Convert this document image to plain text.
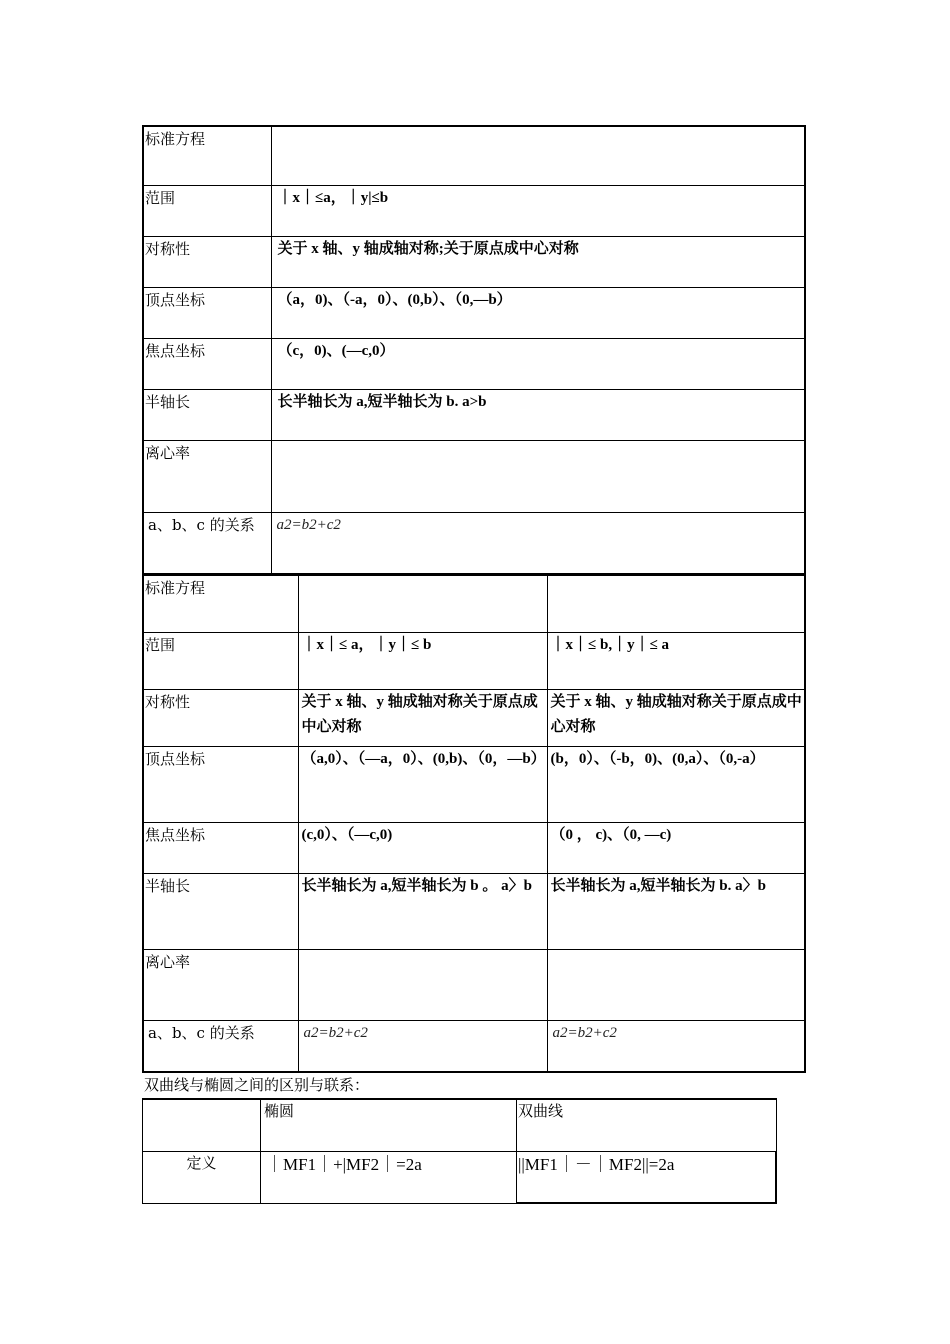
标准方程	
范围	｜x｜≤a，｜y|≤b
对称性	关于 x 轴、y 轴成轴对称;关于原点成中心对称
顶点坐标	（a，0)、（-a，0）、(0,b）、（0,—b）
焦点坐标	（c，0)、(—c,0）
半轴长	长半轴长为 a,短半轴长为 b. a>b
离心率	
a、b、c 的关系	a2=b2+c2
标准方程		
范围	｜x｜≤ a，｜y｜≤ b	｜x｜≤ b,｜y｜≤ a
对称性	关于 x 轴、y 轴成轴对称关于原点成中心对称	关于 x 轴、y 轴成轴对称关于原点成中心对称
顶点坐标	（a,0）、（—a，0）、(0,b)、（0，—b）	(b，0）、（-b，0)、(0,a）、（0,-a）
焦点坐标	(c,0）、（—c,0)	（0 ， c)、（0, —c)
半轴长	长半轴长为 a,短半轴长为 b 。 a〉b	长半轴长为 a,短半轴长为 b. a〉b
离心率		
a、b、c 的关系	a2=b2+c2	a2=b2+c2
双曲线与椭圆之间的区别与联系：
	椭圆	双曲线
定义	｜MF1｜+|MF2｜=2a	||MF1｜－｜MF2||=2a
